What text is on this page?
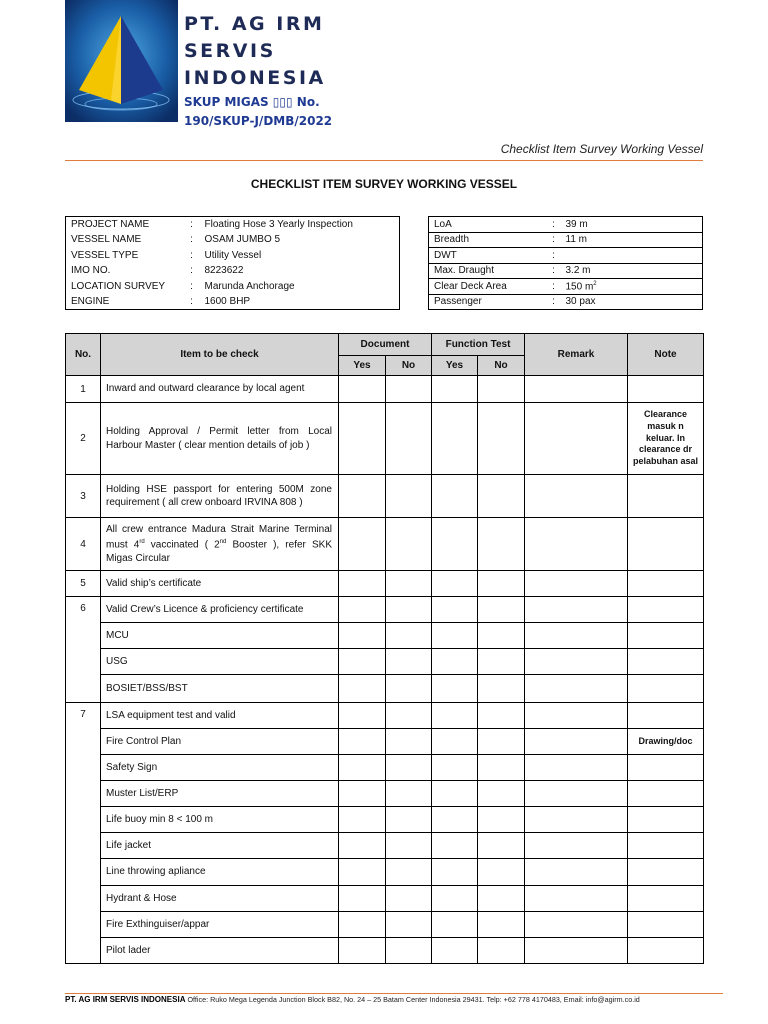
PT. AG IRM
SERVIS
INDONESIA
SKUP MIGAS ▯▯▯ No.
190/SKUP-J/DMB/2022
Checklist Item Survey Working Vessel
CHECKLIST ITEM SURVEY WORKING VESSEL
PROJECT NAME	:	Floating Hose 3 Yearly Inspection
VESSEL NAME	:	OSAM JUMBO 5
VESSEL TYPE	:	Utility Vessel
IMO NO.	:	8223622
LOCATION SURVEY	:	Marunda Anchorage
ENGINE	:	1600 BHP
LoA	:	39 m
Breadth	:	11 m
DWT	:	
Max. Draught	:	3.2 m
Clear Deck Area	:	150 $m^2$
Passenger	:	30 pax
No.	Item to be check	Document		Function Test		Remark	Note
		Yes	No	Yes	No		
1	Inward and outward clearance by local agent						
2	Holding Approval / Permit letter from Local Harbour Master ( clear mention details of job )						Clearance masuk n keluar. In clearance dr pelabuhan asal
3	Holding HSE passport for entering 500M zone requirement ( all crew onboard IRVINA 808 )						
4	All crew entrance Madura Strait Marine Terminal must 4rd vaccinated ( 2nd Booster ), refer SKK Migas Circular						
5	Valid ship’s certificate						
6	Valid Crew’s Licence & proficiency certificate						
	MCU						
	USG						
	BOSIET/BSS/BST						
7	LSA equipment test and valid						
	Fire Control Plan						Drawing/doc
	Safety Sign						
	Muster List/ERP						
	Life buoy min 8 < 100 m						
	Life jacket						
	Line throwing apliance						
	Hydrant & Hose						
	Fire Exthinguiser/appar						
	Pilot lader						
PT. AG IRM SERVIS INDONESIA Office: Ruko Mega Legenda Junction Block B82, No. 24 – 25 Batam Center Indonesia 29431. Telp: +62 778 4170483, Email: info@agirm.co.id
